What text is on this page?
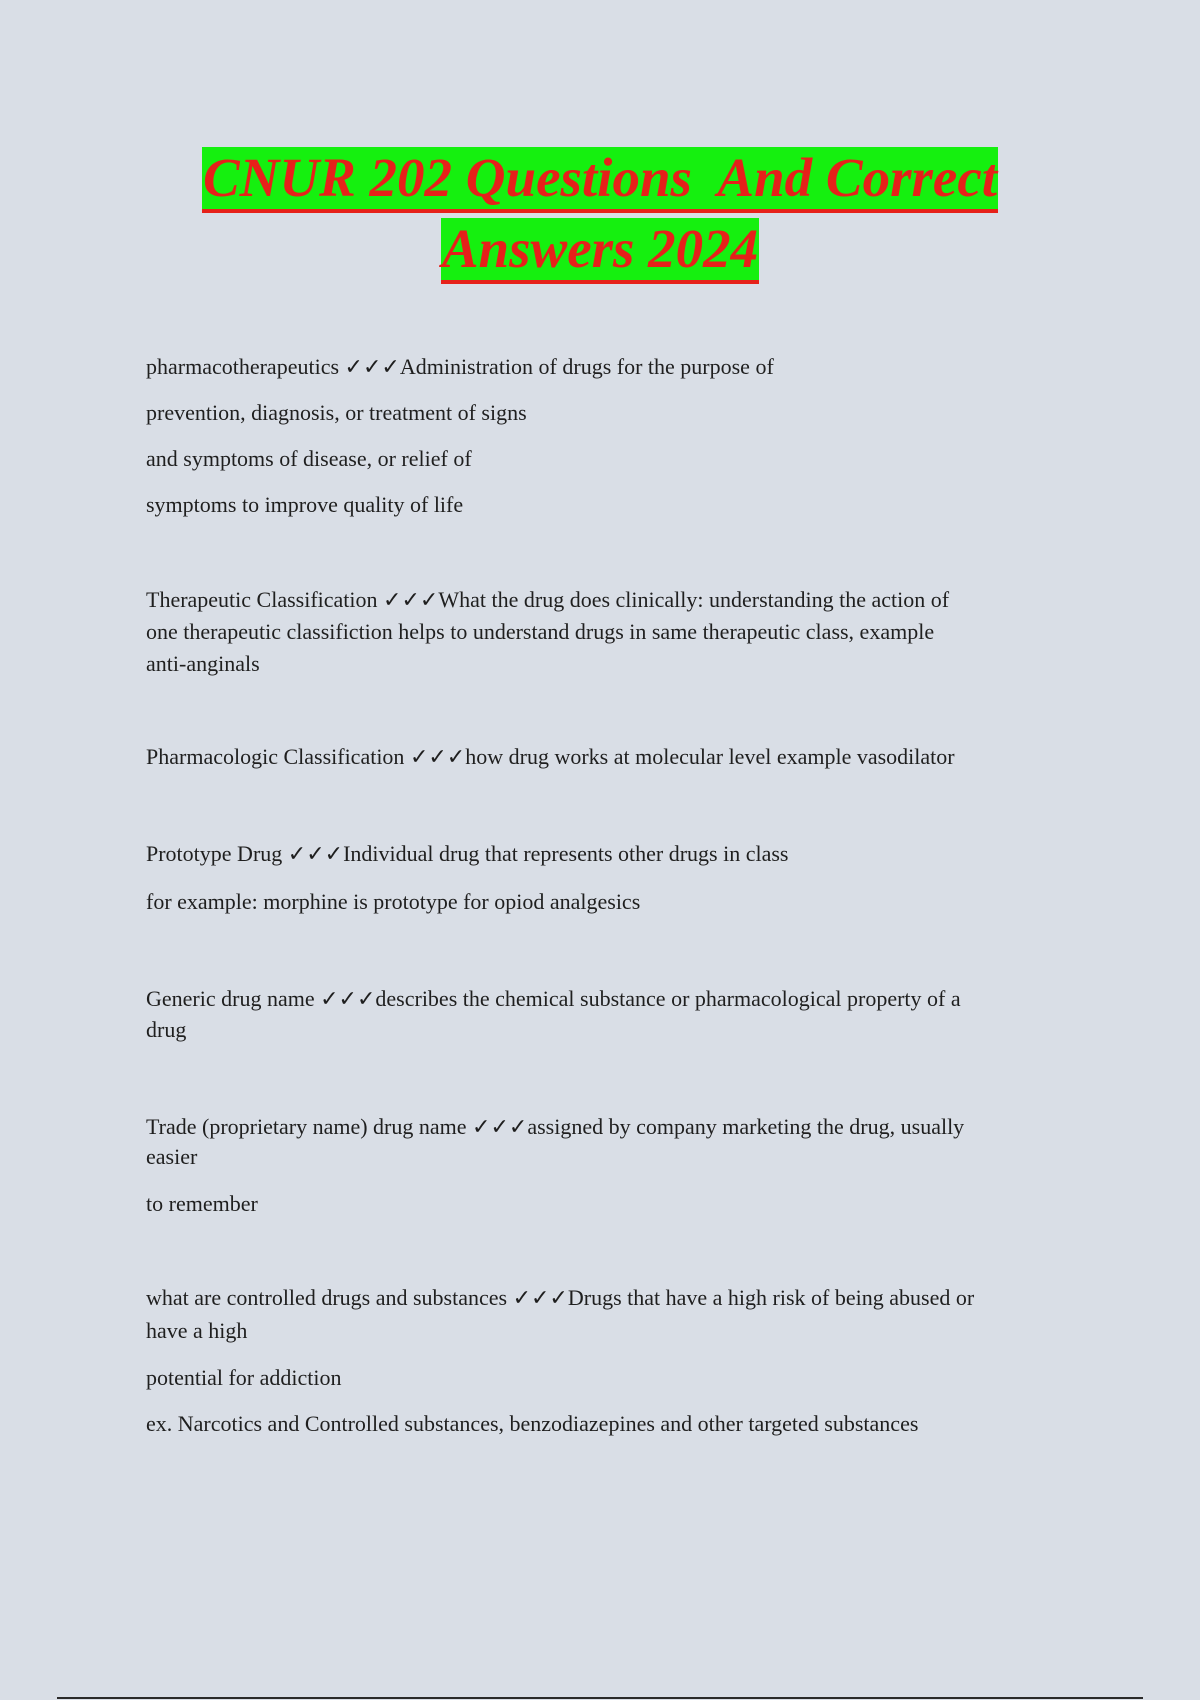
CNUR 202 Questions  And Correct
Answers 2024
pharmacotherapeutics ✓✓✓Administration of drugs for the purpose of
prevention, diagnosis, or treatment of signs
and symptoms of disease, or relief of
symptoms to improve quality of life
Therapeutic Classification ✓✓✓What the drug does clinically: understanding the action of
one therapeutic classifiction helps to understand drugs in same therapeutic class, example
anti-anginals
Pharmacologic Classification ✓✓✓how drug works at molecular level example vasodilator
Prototype Drug ✓✓✓Individual drug that represents other drugs in class
for example: morphine is prototype for opiod analgesics
Generic drug name ✓✓✓describes the chemical substance or pharmacological property of a
drug
Trade (proprietary name) drug name ✓✓✓assigned by company marketing the drug, usually
easier
to remember
what are controlled drugs and substances ✓✓✓Drugs that have a high risk of being abused or
have a high
potential for addiction
ex. Narcotics and Controlled substances, benzodiazepines and other targeted substances
